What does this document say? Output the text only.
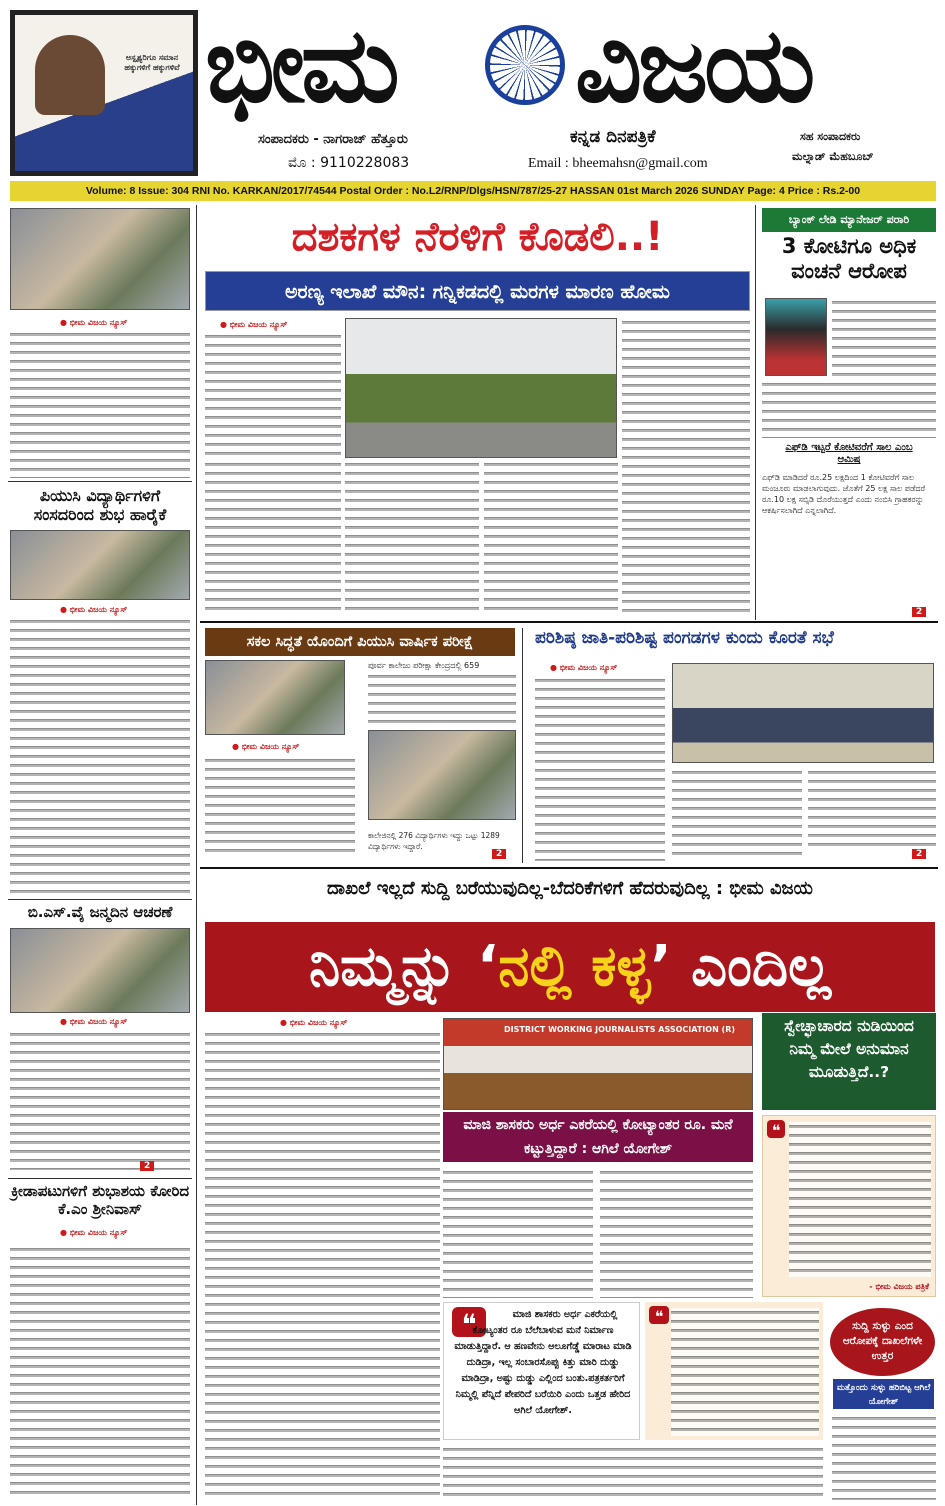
ಅಸ್ಪೃಶ್ಯರಿಗೂ ಸಮಾನ ಹಕ್ಕುಗಳಿಗೆ ಹಕ್ಕುಗಳಿವೆ ಭೀಮ ವಿಜಯ
ಸಂಪಾದಕರು - ನಾಗರಾಜ್ ಹೆತ್ತೂರು
ಮೊ : 9110228083
ಕನ್ನಡ ದಿನಪತ್ರಿಕೆ
Email : bheemahsn@gmail.com
ಸಹ ಸಂಪಾದಕರು
ಮಲ್ನಾಡ್ ಮೆಹಬೂಬ್
Volume: 8 Issue: 304 RNI No. KARKAN/2017/74544 Postal Order : No.L2/RNP/Dlgs/HSN/787/25-27 HASSAN 01st March 2026 SUNDAY Page: 4 Price : Rs.2-00
● ಭೀಮ ವಿಜಯ ನ್ಯೂಸ್
ಪಿಯುಸಿ ವಿದ್ಯಾರ್ಥಿಗಳಿಗೆ ಸಂಸದರಿಂದ ಶುಭ ಹಾರೈಕೆ
● ಭೀಮ ವಿಜಯ ನ್ಯೂಸ್
ಬಿ.ಎಸ್.ವೈ ಜನ್ಮದಿನ ಆಚರಣೆ
● ಭೀಮ ವಿಜಯ ನ್ಯೂಸ್
2
ಕ್ರೀಡಾಪಟುಗಳಿಗೆ ಶುಭಾಶಯ ಕೋರಿದ ಕೆ.ಎಂ ಶ್ರೀನಿವಾಸ್
● ಭೀಮ ವಿಜಯ ನ್ಯೂಸ್
ದಶಕಗಳ ನೆರಳಿಗೆ ಕೊಡಲಿ..!
ಅರಣ್ಯ ಇಲಾಖೆ ಮೌನ: ಗನ್ನಿಕಡದಲ್ಲಿ ಮರಗಳ ಮಾರಣ ಹೋಮ
● ಭೀಮ ವಿಜಯ ನ್ಯೂಸ್
ಬ್ಯಾಂಕ್ ಲೇಡಿ ಮ್ಯಾನೇಜರ್ ಪರಾರಿ
3 ಕೋಟಿಗೂ ಅಧಿಕ ವಂಚನೆ ಆರೋಪ
ಎಫ್‌ಡಿ ಇಟ್ಟರೆ ಕೋಟಿವರೆಗೆ ಸಾಲ ಎಂಬ ಆಮಿಷ
ಎಫ್‌ಡಿ ಮಾಡಿದರೆ ರೂ.25 ಲಕ್ಷದಿಂದ 1 ಕೋಟಿವರೆಗೆ ಸಾಲ ಮಂಜೂರು ಮಾಡಲಾಗುವುದು. ಜೊತೆಗೆ 25 ಲಕ್ಷ ಸಾಲ ಪಡೆದರೆ ರೂ.10 ಲಕ್ಷ ಸಬ್ಸಿಡಿ ದೊರೆಯುತ್ತದೆ ಎಂದು ನಂಬಿಸಿ ಗ್ರಾಹಕರನ್ನು ಆಕರ್ಷಿಸಲಾಗಿದೆ ಎನ್ನಲಾಗಿದೆ.
2
ಸಕಲ ಸಿದ್ಧತೆ ಯೊಂದಿಗೆ ಪಿಯುಸಿ ವಾರ್ಷಿಕ ಪರೀಕ್ಷೆ
ಪೂರ್ವ ಕಾಲೇಜು ಪರೀಕ್ಷಾ ಕೇಂದ್ರದಲ್ಲಿ 659
● ಭೀಮ ವಿಜಯ ನ್ಯೂಸ್
ಕಾಲೇಜಿನಲ್ಲಿ 276 ವಿದ್ಯಾರ್ಥಿಗಳು ಇದ್ದು ಒಟ್ಟು 1289 ವಿದ್ಯಾರ್ಥಿಗಳು ಇದ್ದಾರೆ.
2
ಪರಿಶಿಷ್ಠ ಜಾತಿ-ಪರಿಶಿಷ್ಟ ಪಂಗಡಗಳ ಕುಂದು ಕೊರತೆ ಸಭೆ
● ಭೀಮ ವಿಜಯ ನ್ಯೂಸ್
2
ದಾಖಲೆ ಇಲ್ಲದೆ ಸುದ್ದಿ ಬರೆಯುವುದಿಲ್ಲ-ಬೆದರಿಕೆಗಳಿಗೆ ಹೆದರುವುದಿಲ್ಲ : ಭೀಮ ವಿಜಯ
ನಿಮ್ಮನ್ನು ‘ನಲ್ಲಿ ಕಳ್ಳ’ ಎಂದಿಲ್ಲ
● ಭೀಮ ವಿಜಯ ನ್ಯೂಸ್
DISTRICT WORKING JOURNALISTS ASSOCIATION (R)
ಮಾಜಿ ಶಾಸಕರು ಅರ್ಧ ಎಕರೆಯಲ್ಲಿ ಕೋಟ್ಯಾಂತರ ರೂ. ಮನೆ ಕಟ್ಟುತ್ತಿದ್ದಾರೆ : ಆಗಿಲೆ ಯೋಗೇಶ್
ಸ್ವೇಚ್ಛಾಚಾರದ ನುಡಿಯಿಂದ ನಿಮ್ಮ ಮೇಲೆ ಅನುಮಾನ ಮೂಡುತ್ತಿದೆ..?
❝
- ಭೀಮ ವಿಜಯ ಪತ್ರಿಕೆ
❝	ಮಾಜಿ ಶಾಸಕರು ಅರ್ಧ ಎಕರೆಯಲ್ಲಿ ಕೋಟ್ಯಂತರ ರೂ ಬೆಲೆಬಾಳುವ ಮನೆ ನಿರ್ಮಾಣ ಮಾಡುತ್ತಿದ್ದಾರೆ. ಆ ಹಣವೇನು ಆಲೂಗೆಡ್ಡೆ ಮಾರಾಟ ಮಾಡಿ ದುಡಿದ್ರಾ, ಇಲ್ಲ ಸಂಬಾರಸೊಪ್ಪು ಕಿತ್ತು ಮಾರಿ ದುಡ್ಡು ಮಾಡಿದ್ರಾ, ಅಷ್ಟು ದುಡ್ಡು ಎಲ್ಲಿಂದ ಬಂತು.ಪತ್ರಕರ್ತರಿಗೆ ನಿಮ್ಮಲ್ಲಿ ಪೆನ್ನಿದೆ ಪೇಪರಿದೆ ಬರೆಯಿರಿ ಎಂದು ಒತ್ತಡ ಹೇರಿದ ಆಗಿಲೆ ಯೋಗೇಶ್.
❝	ಸುದ್ದಿ ಸುಳ್ಳು ಎಂದ ಆರೋಪಕ್ಕೆ ದಾಖಲೆಗಳೇ ಉತ್ತರ
ಮತ್ತೊಂದು ಸುಳ್ಳು ಹರಿಬಿಟ್ಟ ಆಗಿಲೆ ಯೋಗೇಶ್
